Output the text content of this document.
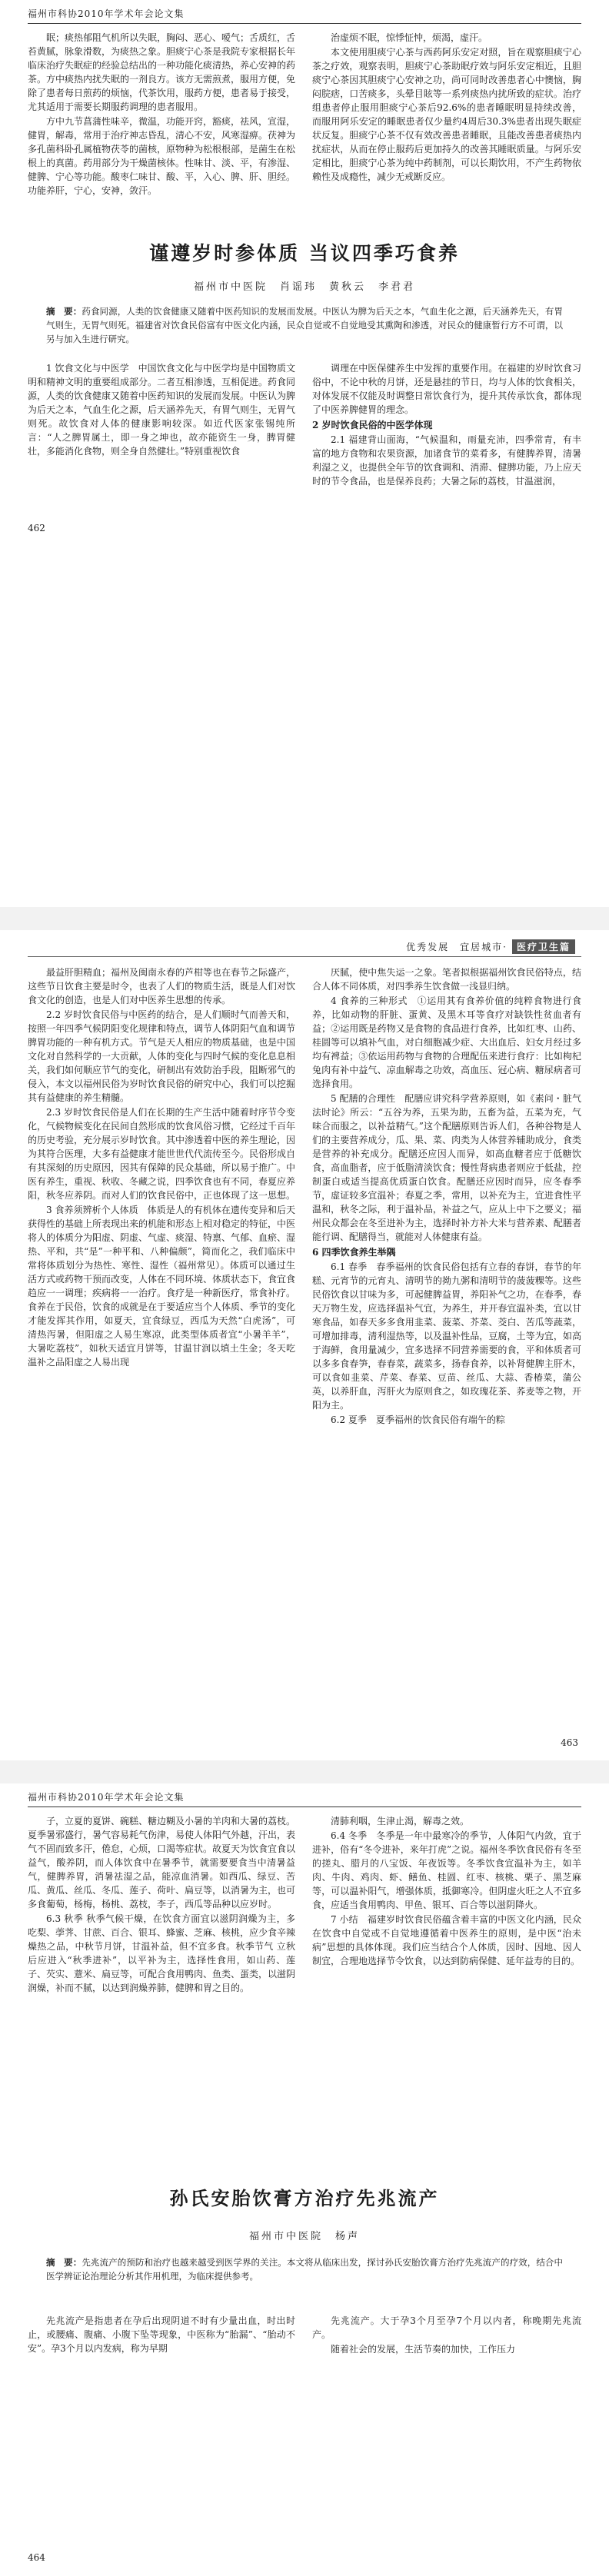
福州市科协2010年学术年会论文集

眠；痰热郁阻气机所以失眠，胸闷、恶心、嗳气；舌质红，舌苔黄腻，脉象滑数，为痰热之象。胆痰宁心茶是我院专家根据长年临床治疗失眠症的经验总结出的一种功能化痰清热，养心安神的药茶。方中痰热内扰失眠的一剂良方。该方无需煎煮，服用方便，免除了患者每日煎药的烦恼，代茶饮用，服药方便，患者易于接受，尤其适用于需要长期服药调理的患者服用。

方中九节菖蒲性味辛，微温，功能开窍，豁痰，祛风，宣湿，健胃，解毒，常用于治疗神志昏乱，清心不安，风寒湿痹。茯神为多孔菌科卧孔属植物茯苓的菌核，原物种为松根根部，是菌生在松根上的真菌。药用部分为干燥菌核体。性味甘、淡、平，有渗湿、健脾、宁心等功能。酸枣仁味甘、酸、平，入心、脾、肝、胆经。功能养肝，宁心，安神，敛汗。

治虚烦不眠，惊悸怔忡，烦渴，虚汗。

本文使用胆痰宁心茶与西药阿乐安定对照，旨在观察胆痰宁心茶之疗效，观察表明，胆痰宁心茶助眠疗效与阿乐安定相近，且胆痰宁心茶因其胆痰宁心安神之功，尚可同时改善患者心中懊恼，胸闷脘痞，口苦痰多，头晕目眩等一系列痰热内扰所致的症状。治疗组患者停止服用胆痰宁心茶后92.6%的患者睡眠明显持续改善，而服用阿乐安定的睡眠患者仅少量约4周后30.3%患者出现失眠症状反复。胆痰宁心茶不仅有效改善患者睡眠，且能改善患者痰热内扰症状，从而在停止服药后更加持久的改善其睡眠质量。与阿乐安定相比，胆痰宁心茶为纯中药制剂，可以长期饮用，不产生药物依赖性及成瘾性，减少无戒断反应。

谨遵岁时参体质 当议四季巧食养
福州市中医院　肖谣玮　黄秋云　李君君

摘　要：药食同源，人类的饮食健康又随着中医药知识的发展而发展。中医认为脾为后天之本，气血生化之源，后天涵养先天，有胃气则生，无胃气则死。福建省对饮食民俗富有中医文化内涵，民众自觉或不自觉地受其熏陶和渗透，对民众的健康暂行方不可谓，以另与加入生进行研究。

1 饮食文化与中医学　中国饮食文化与中医学均是中国物质文明和精神文明的重要组成部分。二者互相渗透，互相促进。药食同源，人类的饮食健康又随着中医药知识的发展而发展。中医认为脾为后天之本，气血生化之源，后天涵养先天，有胃气则生，无胃气则死。故饮食对人体的健康影响较深。如近代医家张锡纯所言：“人之脾胃属土，即一身之坤也，故亦能资生一身，脾胃健壮，多能消化食物，则全身自然健壮。”特别重视饮食

调理在中医保健养生中发挥的重要作用。在福建的岁时饮食习俗中，不论中秋的月饼，还是悬挂的节日，均与人体的饮食相关，对体发展不仅能及时调整日常饮食行为，提升其传承饮食，都体现了中医养脾健胃的理念。

2 岁时饮食民俗的中医学体现

2.1 福建背山面海，“气候温和，雨量充沛，四季常青，有丰富的地方食物和农果资源，加诸食节的菜肴多，有健脾养胃，清暑利湿之义，也提供全年节的饮食调和、消滞、健脾功能，乃上应天时的节令食品，也是保养良药；大暑之际的荔枝，甘温滋润，

462
优秀发展　宜居城市· 医疗卫生篇

最益肝胆精血；福州及闽南永春的芦柑等也在春节之际盛产，这些节日饮食主要是时令，也表了人们的物质生活，既是人们对饮食文化的创造，也是人们对中医养生思想的传承。

2.2 岁时饮食民俗与中医药的结合，是人们顺时气而善天和，按照一年四季气候阴阳变化规律和特点，调节人体阴阳气血和调节脾胃功能的一种有机方式。节气是天人相应的物质基础，也是中国文化对自然科学的一大贡献，人体的变化与四时气候的变化息息相关，我们如何顺应节气的变化，研制出有效防治手段，阻断邪气的侵入，本文以福州民俗为岁时饮食民俗的研究中心，我们可以挖掘其有益健康的养生精髓。

2.3 岁时饮食民俗是人们在长期的生产生活中随着时序节令变化，气候物候变化在民间自然形成的饮食风俗习惯，它经过千百年的历史考验，充分展示岁时饮食。其中渗透着中医的养生理论，因为其符合医理，大多有益健康才能世世代代流传至今。民俗形成自有其深刻的历史原因，因其有保障的民众基础，所以易于推广。中医有养生，重视、秋收、冬藏之说，四季饮食也有不同，春夏应养阳，秋冬应养阴。而对人们的饮食民俗中，正也体现了这一思想。

3 食养须辨析个人体质　体质是人的有机体在遗传变异和后天获得性的基础上所表现出来的机能和形态上相对稳定的特征，中医将人的体质分为阳虚、阴虚、气虚、痰湿、特禀、气郁、血瘀、湿热、平和，共“是”一种平和、八种偏颇”，简而化之，我们临床中常将体质划分为热性、寒性、湿性（福州常见）。体质可以通过生活方式或药物干预而改变，人体在不同环境、体质状态下，食宜食趋应一一调理；疾病将一一治疗。食疗是一种新医疗，常食补疗。食养在于民俗，饮食的成就是在于要适应当个人体质、季节的变化才能发挥其作用，如夏天，宜食绿豆，西瓜为天然“白虎汤”，可清热泻暑，但阳虚之人易生寒凉，此类型体质者宜“小暑羊羊”，大暑吃荔枝”，如秋天适宜月饼等，甘温甘润以填土生金；冬天吃温补之品阳虚之人易出现

厌腻，使中焦失运一之象。笔者拟根据福州饮食民俗特点，结合人体不同体质，对四季养生饮食做一浅显归纳。

4 食养的三种形式　①运用其有食养价值的纯粹食物进行食养，比如动物的肝脏、蛋黄、及黑木耳等食疗对缺铁性贫血者有益；②运用既是药物又是食物的食品进行食养，比如红枣、山药、桂圆等可以填补气血，对白细胞减少症、大出血后、妇女月经过多均有裨益；③依运用药物与食物的合理配伍来进行食疗：比如枸杞兔肉有补中益气、凉血解毒之功效，高血压、冠心病、糖尿病者可选择食用。

5 配膳的合理性　配膳应讲究科学营养原则，如《素问・脏气法时论》所云：“五谷为养，五果为助，五畜为益，五菜为充，气味合而服之，以补益精气。”这个配膳原则告诉人们，各种谷物是人们的主要营养成分，瓜、果、菜、肉类为人体营养辅助成分，食类是营养的补充成分。配膳还应因人而异，如高血糖者应于低糖饮食，高血脂者，应于低脂清淡饮食；慢性肾病患者则应于低盐，控制蛋白或适当提高优质蛋白饮食。配膳还应因时而异，应冬春季节，虚证较多宜温补；春夏之季，常用，以补充为主，宜进食性平温和，秋冬之际，利于温补品，补益之气，应从上中下之要义；福州民众都会在冬至进补为主，选择时补方补大米与营养素、配膳者能行调、配膳得当，就能对人体健康有益。

6 四季饮食养生举隅

6.1 春季　春季福州的饮食民俗包括有立春的春饼，春节的年糕、元宵节的元宵丸、清明节的拗九粥和清明节的菠菠粿等。这些民俗饮食以甘味为多，可起健脾益胃，养阳补气之功，在春季，春天万物生发，应选择温补气宜，为养生，并开春宜温补类，宜以甘寒食品，如春天多多食用韭菜、菠菜、芥菜、茭白、苦瓜等蔬菜，可增加排毒，清利湿热等，以及温补性品，豆腐，土等为宜，如高于海鲜，食用量减少，宜多选择不同营养需要的食，平和体质者可以多多食春笋，春春菜，蔬菜多，扬春食养，以补肾健脾主肝木，可以食如韭菜、芹菜、春菜、豆苗、丝瓜、大蒜、香椿菜，蒲公英，以养肝血，泻肝火为原则食之，如玫瑰花茶、荞麦等之物，开阳为主。

6.2 夏季　夏季福州的饮食民俗有端午的粽

463
福州市科协2010年学术年会论文集

子，立夏的夏饼、碗糕、糖边糊及小暑的羊肉和大暑的荔枝。夏季暑邪盛行，暑气容易耗气伤津，易使人体阳气外越，汗出，表气不固而致多汗，倦怠，心烦，口渴等症状。故夏天为饮食宜食以益气，酸养阴，而人体饮食中在暑季节，就需要要食当中清暑益气，健脾养胃，消暑祛湿之品，能凉血消暑。如西瓜、绿豆、苦瓜、黄瓜、丝瓜、冬瓜、莲子、荷叶、扁豆等，以消暑为主，也可多食葡萄，杨梅，杨桃、荔枝，李子，西瓜等品种以应岁时。

6.3 秋季 秋季气候干燥，在饮食方面宜以滋阴润燥为主，多吃梨、荸荠、甘蔗、百合、银耳、蜂蜜、芝麻、核桃，应少食辛辣燥热之品，中秋节月饼，甘温补益，但不宜多食。秋季节气 立秋后应进入“秋季进补”，以平补为主，选择性食用，如山药、莲子、芡实、薏米、扁豆等，可配合食用鸭肉、鱼类、蛋类，以滋阴润燥，补而不腻，以达到润燥养肺，健脾和胃之目的。

清肺利咽，生津止渴，解毒之效。

6.4 冬季　冬季是一年中最寒冷的季节，人体阳气内敛，宜于进补，俗有“冬令进补，来年打虎”之说。福州冬季饮食民俗有冬至的搓丸、腊月的八宝饭、年夜饭等。冬季饮食宜温补为主，如羊肉、牛肉、鸡肉、虾、鳝鱼、桂圆、红枣、核桃、栗子、黑芝麻等，可以温补阳气，增强体质，抵御寒冷。但阴虚火旺之人不宜多食，应适当食用鸭肉、甲鱼、银耳、百合等以滋阴降火。

7 小结　福建岁时饮食民俗蕴含着丰富的中医文化内涵，民众在饮食中自觉或不自觉地遵循着中医养生的原则，是中医“治未病”思想的具体体现。我们应当结合个人体质，因时、因地、因人制宜，合理地选择节令饮食，以达到防病保健、延年益寿的目的。

孙氏安胎饮膏方治疗先兆流产
福州市中医院　杨声

摘　要：先兆流产的预防和治疗也越来越受到医学界的关注。本文将从临床出发，探讨孙氏安胎饮膏方治疗先兆流产的疗效，结合中医学辨证论治理论分析其作用机理，为临床提供参考。

先兆流产是指患者在孕后出现阴道不时有少量出血，时出时止，或腰痛、腹痛、小腹下坠等现象，中医称为“胎漏”、“胎动不安”。孕3个月以内发病，称为早期

先兆流产。大于孕3个月至孕7个月以内者，称晚期先兆流产。

随着社会的发展，生活节奏的加快，工作压力

464
